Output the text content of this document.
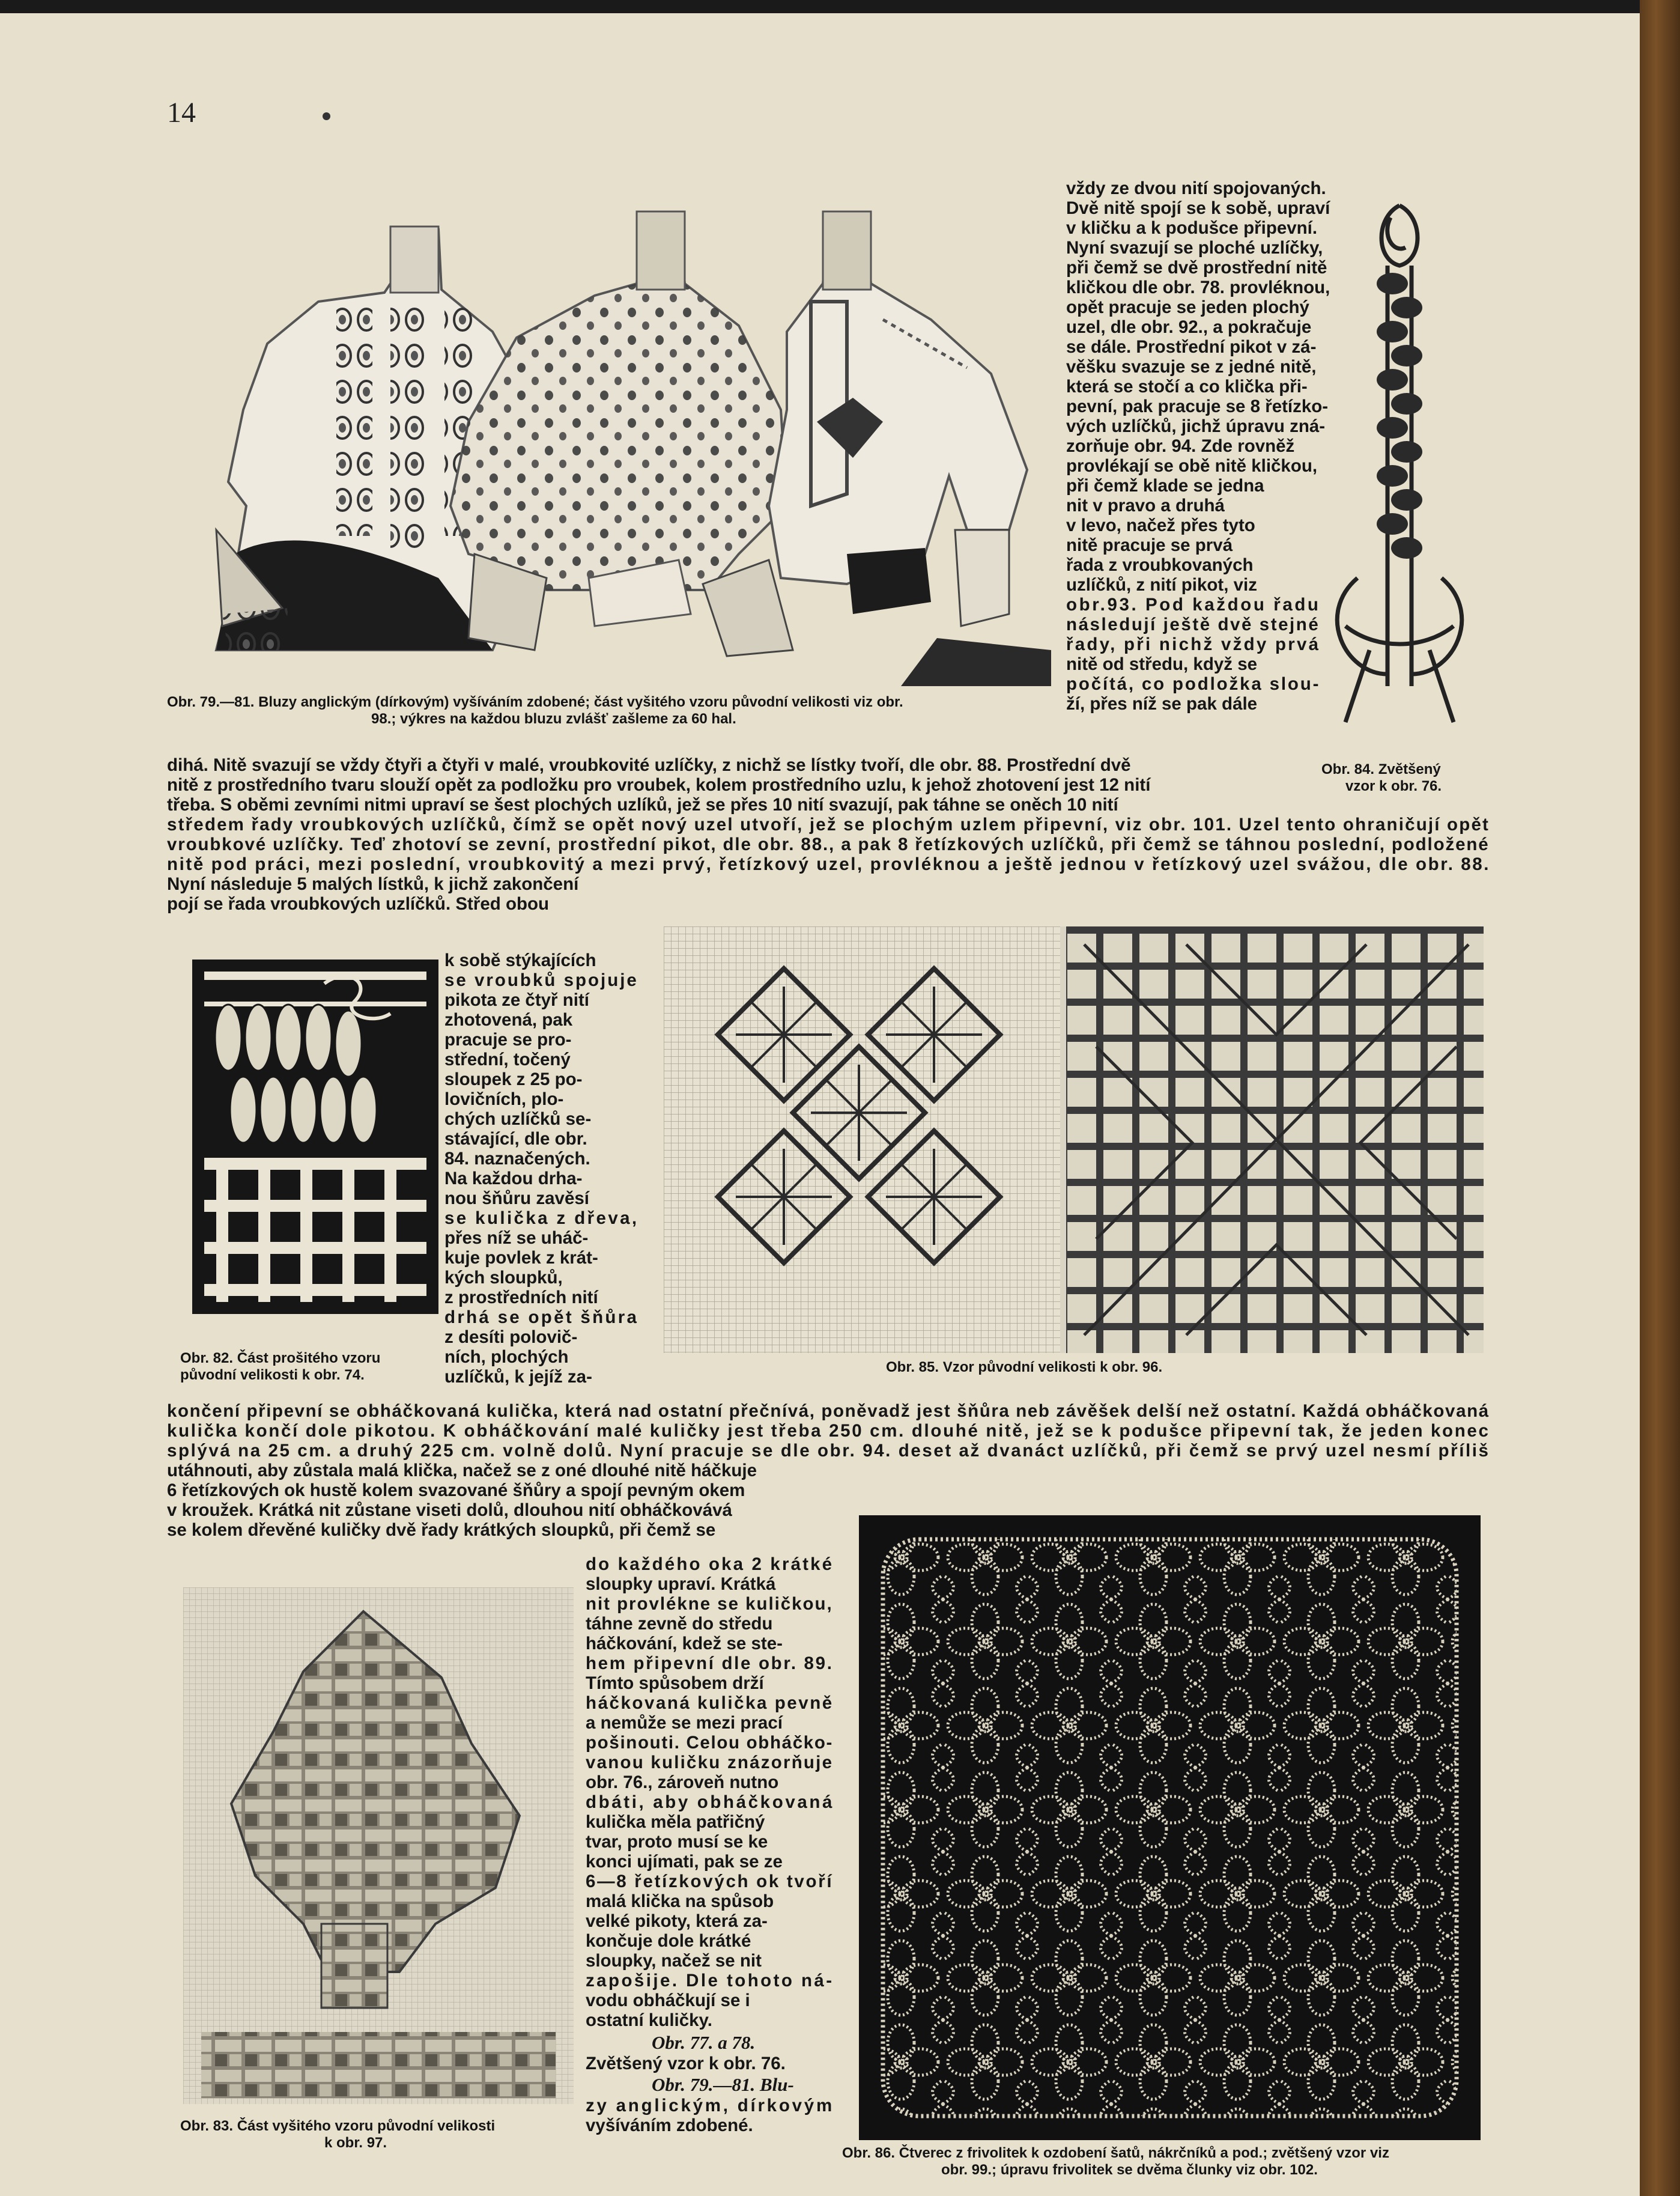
14
Obr. 79.—81. Bluzy anglickým (dírkovým) vyšíváním zdobené; část vyšitého vzoru původní velikosti viz obr.
98.; výkres na každou bluzu zvlášť zašleme za 60 hal.
vždy ze dvou nití spojovaných.
Dvě nitě spojí se k sobě, upraví
v kličku a k podušce připevní.
Nyní svazují se ploché uzlíčky,
při čemž se dvě prostřední nitě
kličkou dle obr. 78. provléknou,
opět pracuje se jeden plochý
uzel, dle obr. 92., a pokračuje
se dále. Prostřední pikot v zá-
věšku svazuje se z jedné nitě,
která se stočí a co klička při-
pevní, pak pracuje se 8 řetízko-
vých uzlíčků, jichž úpravu zná-
zorňuje obr. 94. Zde rovněž
provlékají se obě nitě kličkou,
při čemž klade se jedna
nit v pravo a druhá
v levo, načež přes tyto
nitě pracuje se prvá
řada z vroubkovaných
uzlíčků, z nití pikot, viz
obr.93. Pod každou řadu
následují ještě dvě stejné
řady, při nichž vždy prvá
nitě od středu, když se
počítá, co podložka slou-
ží, přes níž se pak dále
Obr. 84. Zvětšený
vzor k obr. 76.
dihá. Nitě svazují se vždy čtyři a čtyři v malé, vroubkovité uzlíčky, z nichž se lístky tvoří, dle obr. 88. Prostřední dvě
nitě z prostředního tvaru slouží opět za podložku pro vroubek, kolem prostředního uzlu, k jehož zhotovení jest 12 nití
třeba. S oběmi zevními nitmi upraví se šest plochých uzlíků, jež se přes 10 nití svazují, pak táhne se oněch 10 nití
středem řady vroubkových uzlíčků, čímž se opět nový uzel utvoří, jež se plochým uzlem připevní, viz obr. 101. Uzel tento ohraničují opět
vroubkové uzlíčky. Teď zhotoví se zevní, prostřední pikot, dle obr. 88., a pak 8 řetízkových uzlíčků, při čemž se táhnou poslední, podložené
nitě pod práci, mezi poslední, vroubkovitý a mezi prvý, řetízkový uzel, provléknou a ještě jednou v řetízkový uzel svážou, dle obr. 88.
Nyní následuje 5 malých lístků, k jichž zakončení
pojí se řada vroubkových uzlíčků. Střed obou
Obr. 82. Část prošitého vzoru
původní velikosti k obr. 74.
k sobě stýkajících
se vroubků spojuje
pikota ze čtyř nití
zhotovená, pak
pracuje se pro-
střední, točený
sloupek z 25 po-
lovičních, plo-
chých uzlíčků se-
stávající, dle obr.
84. naznačených.
Na každou drha-
nou šňůru zavěsí
se kulička z dřeva,
přes níž se uháč-
kuje povlek z krát-
kých sloupků,
z prostředních nití
drhá se opět šňůra
z desíti polovič-
ních, plochých
uzlíčků, k jejíž za-	Obr. 85. Vzor původní velikosti k obr. 96.
končení připevní se obháčkovaná kulička, která nad ostatní přečnívá, poněvadž jest šňůra neb závěšek delší než ostatní. Každá obháčkovaná
kulička končí dole pikotou. K obháčkování malé kuličky jest třeba 250 cm. dlouhé nitě, jež se k podušce připevní tak, že jeden konec
splývá na 25 cm. a druhý 225 cm. volně dolů. Nyní pracuje se dle obr. 94. deset až dvanáct uzlíčků, při čemž se prvý uzel nesmí příliš
utáhnouti, aby zůstala malá klička, načež se z oné dlouhé nitě háčkuje
6 řetízkových ok hustě kolem svazované šňůry a spojí pevným okem
v kroužek. Krátká nit zůstane viseti dolů, dlouhou nití obháčkovává
se kolem dřevěné kuličky dvě řady krátkých sloupků, při čemž se
Obr. 83. Část vyšitého vzoru původní velikosti
k obr. 97.
do každého oka 2 krátké
sloupky upraví. Krátká
nit provlékne se kuličkou,
táhne zevně do středu
háčkování, kdež se ste-
hem připevní dle obr. 89.
Tímto spůsobem drží
háčkovaná kulička pevně
a nemůže se mezi prací
pošinouti. Celou obháčko-
vanou kuličku znázorňuje
obr. 76., zároveň nutno
dbáti, aby obháčkovaná
kulička měla patřičný
tvar, proto musí se ke
konci ujímati, pak se ze
6—8 řetízkových ok tvoří
malá klička na spůsob
velké pikoty, která za-
končuje dole krátké
sloupky, načež se nit
zapošije. Dle tohoto ná-
vodu obháčkují se i
ostatní kuličky.
Obr. 77. a 78.
Zvětšený vzor k obr. 76.
Obr. 79.—81. Blu-
zy anglickým, dírkovým
vyšíváním zdobené.
Obr. 86. Čtverec z frivolitek k ozdobení šatů, nákrčníků a pod.; zvětšený vzor viz
obr. 99.; úpravu frivolitek se dvěma člunky viz obr. 102.
